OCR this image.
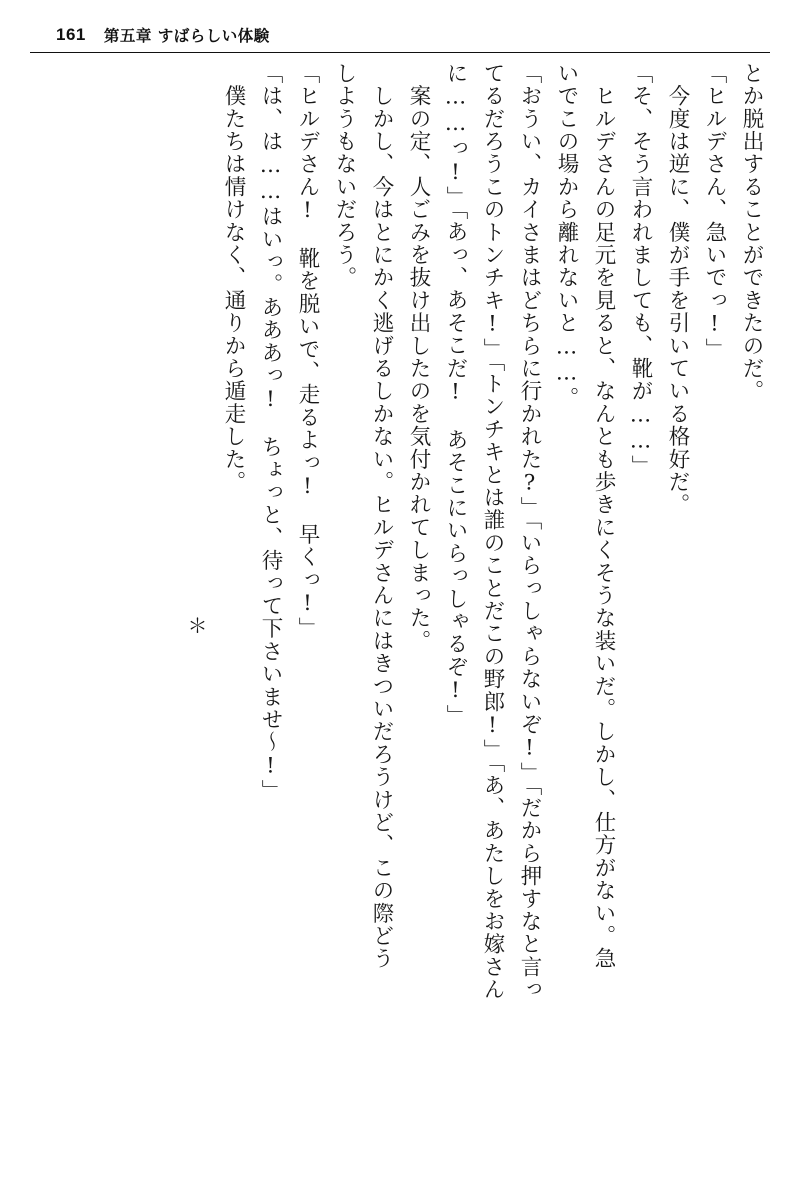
161 第五章 すばらしい体験

とか脱出することができたのだ。

「ヒルデさん、急いでっ!」

　今度は逆に、僕が手を引いている格好だ。

「そ、そう言われましても、靴が……」

　ヒルデさんの足元を見ると、なんとも歩きにくそうな装いだ。しかし、仕方がない。急

いでこの場から離れないと……。

「おうい、カイさまはどちらに行かれた?」「いらっしゃらないぞ!」「だから押すなと言っ

てるだろうこのトンチキ!」「トンチキとは誰のことだこの野郎!」「あ、あたしをお嫁さん

に……っ!」「あっ、あそこだ!　あそこにいらっしゃるぞ!」

　案の定、人ごみを抜け出したのを気付かれてしまった。

　しかし、今はとにかく逃げるしかない。ヒルデさんにはきついだろうけど、この際どう

しようもないだろう。

「ヒルデさん!　靴を脱いで、走るよっ!　早くっ!」

「は、は……はいっ。あああっ!　ちょっと、待って下さいませ〜!」

　僕たちは情けなく、通りから遁走した。

＊
